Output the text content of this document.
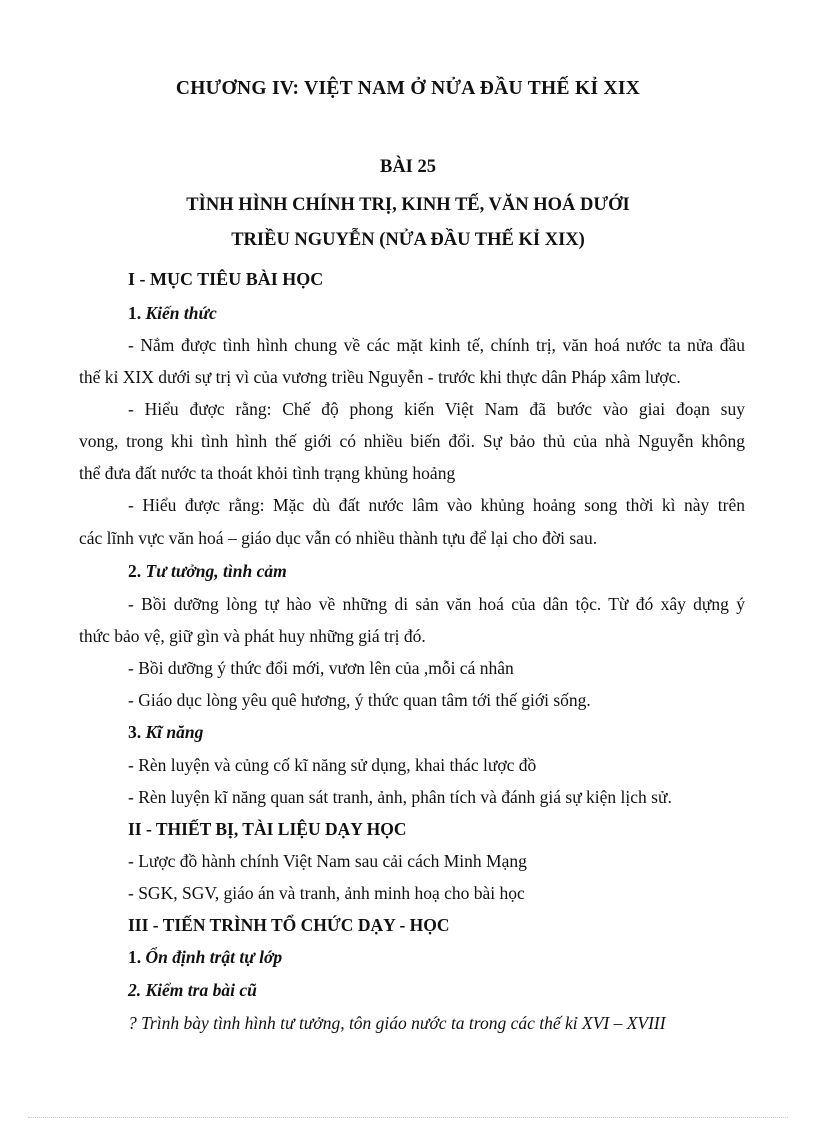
CHƯƠNG IV: VIỆT NAM Ở NỬA ĐẦU THẾ KỈ XIX
BÀI 25
TÌNH HÌNH CHÍNH TRỊ, KINH TẾ, VĂN HOÁ DƯỚI
TRIỀU NGUYỄN (NỬA ĐẦU THẾ KỈ XIX)
I - MỤC TIÊU BÀI HỌC
1. Kiến thức
- Nắm được tình hình chung về các mặt kinh tế, chính trị, văn hoá nước ta nửa đầu
thế kỉ XIX dưới sự trị vì của vương triều Nguyễn - trước khi thực dân Pháp xâm lược.
- Hiểu được rằng: Chế độ phong kiến Việt Nam đã bước vào giai đoạn suy
vong, trong khi tình hình thế giới có nhiều biến đổi. Sự bảo thủ của nhà Nguyễn không
thể đưa đất nước ta thoát khỏi tình trạng khủng hoảng
- Hiểu được rằng: Mặc dù đất nước lâm vào khủng hoảng song thời kì này trên
các lĩnh vực văn hoá – giáo dục vẫn có nhiều thành tựu để lại cho đời sau.
2. Tư tưởng, tình cảm
- Bồi dưỡng lòng tự hào về những di sản văn hoá của dân tộc. Từ đó xây dựng ý
thức bảo vệ, giữ gìn và phát huy những giá trị đó.
- Bồi dưỡng ý thức đổi mới, vươn lên của ,mỗi cá nhân
- Giáo dục lòng yêu quê hương, ý thức quan tâm tới thế giới sống.
3. Kĩ năng
- Rèn luyện và củng cố kĩ năng sử dụng, khai thác lược đồ
- Rèn luyện kĩ năng quan sát tranh, ảnh, phân tích và đánh giá sự kiện lịch sử.
II - THIẾT BỊ, TÀI LIỆU DẠY HỌC
- Lược đồ hành chính Việt Nam sau cải cách Minh Mạng
- SGK, SGV, giáo án và tranh, ảnh minh hoạ cho bài học
III - TIẾN TRÌNH TỔ CHỨC DẠY - HỌC
1. Ổn định trật tự lớp
2. Kiểm tra bài cũ
? Trình bày tình hình tư tưởng, tôn giáo nước ta trong các thế kỉ XVI – XVIII
